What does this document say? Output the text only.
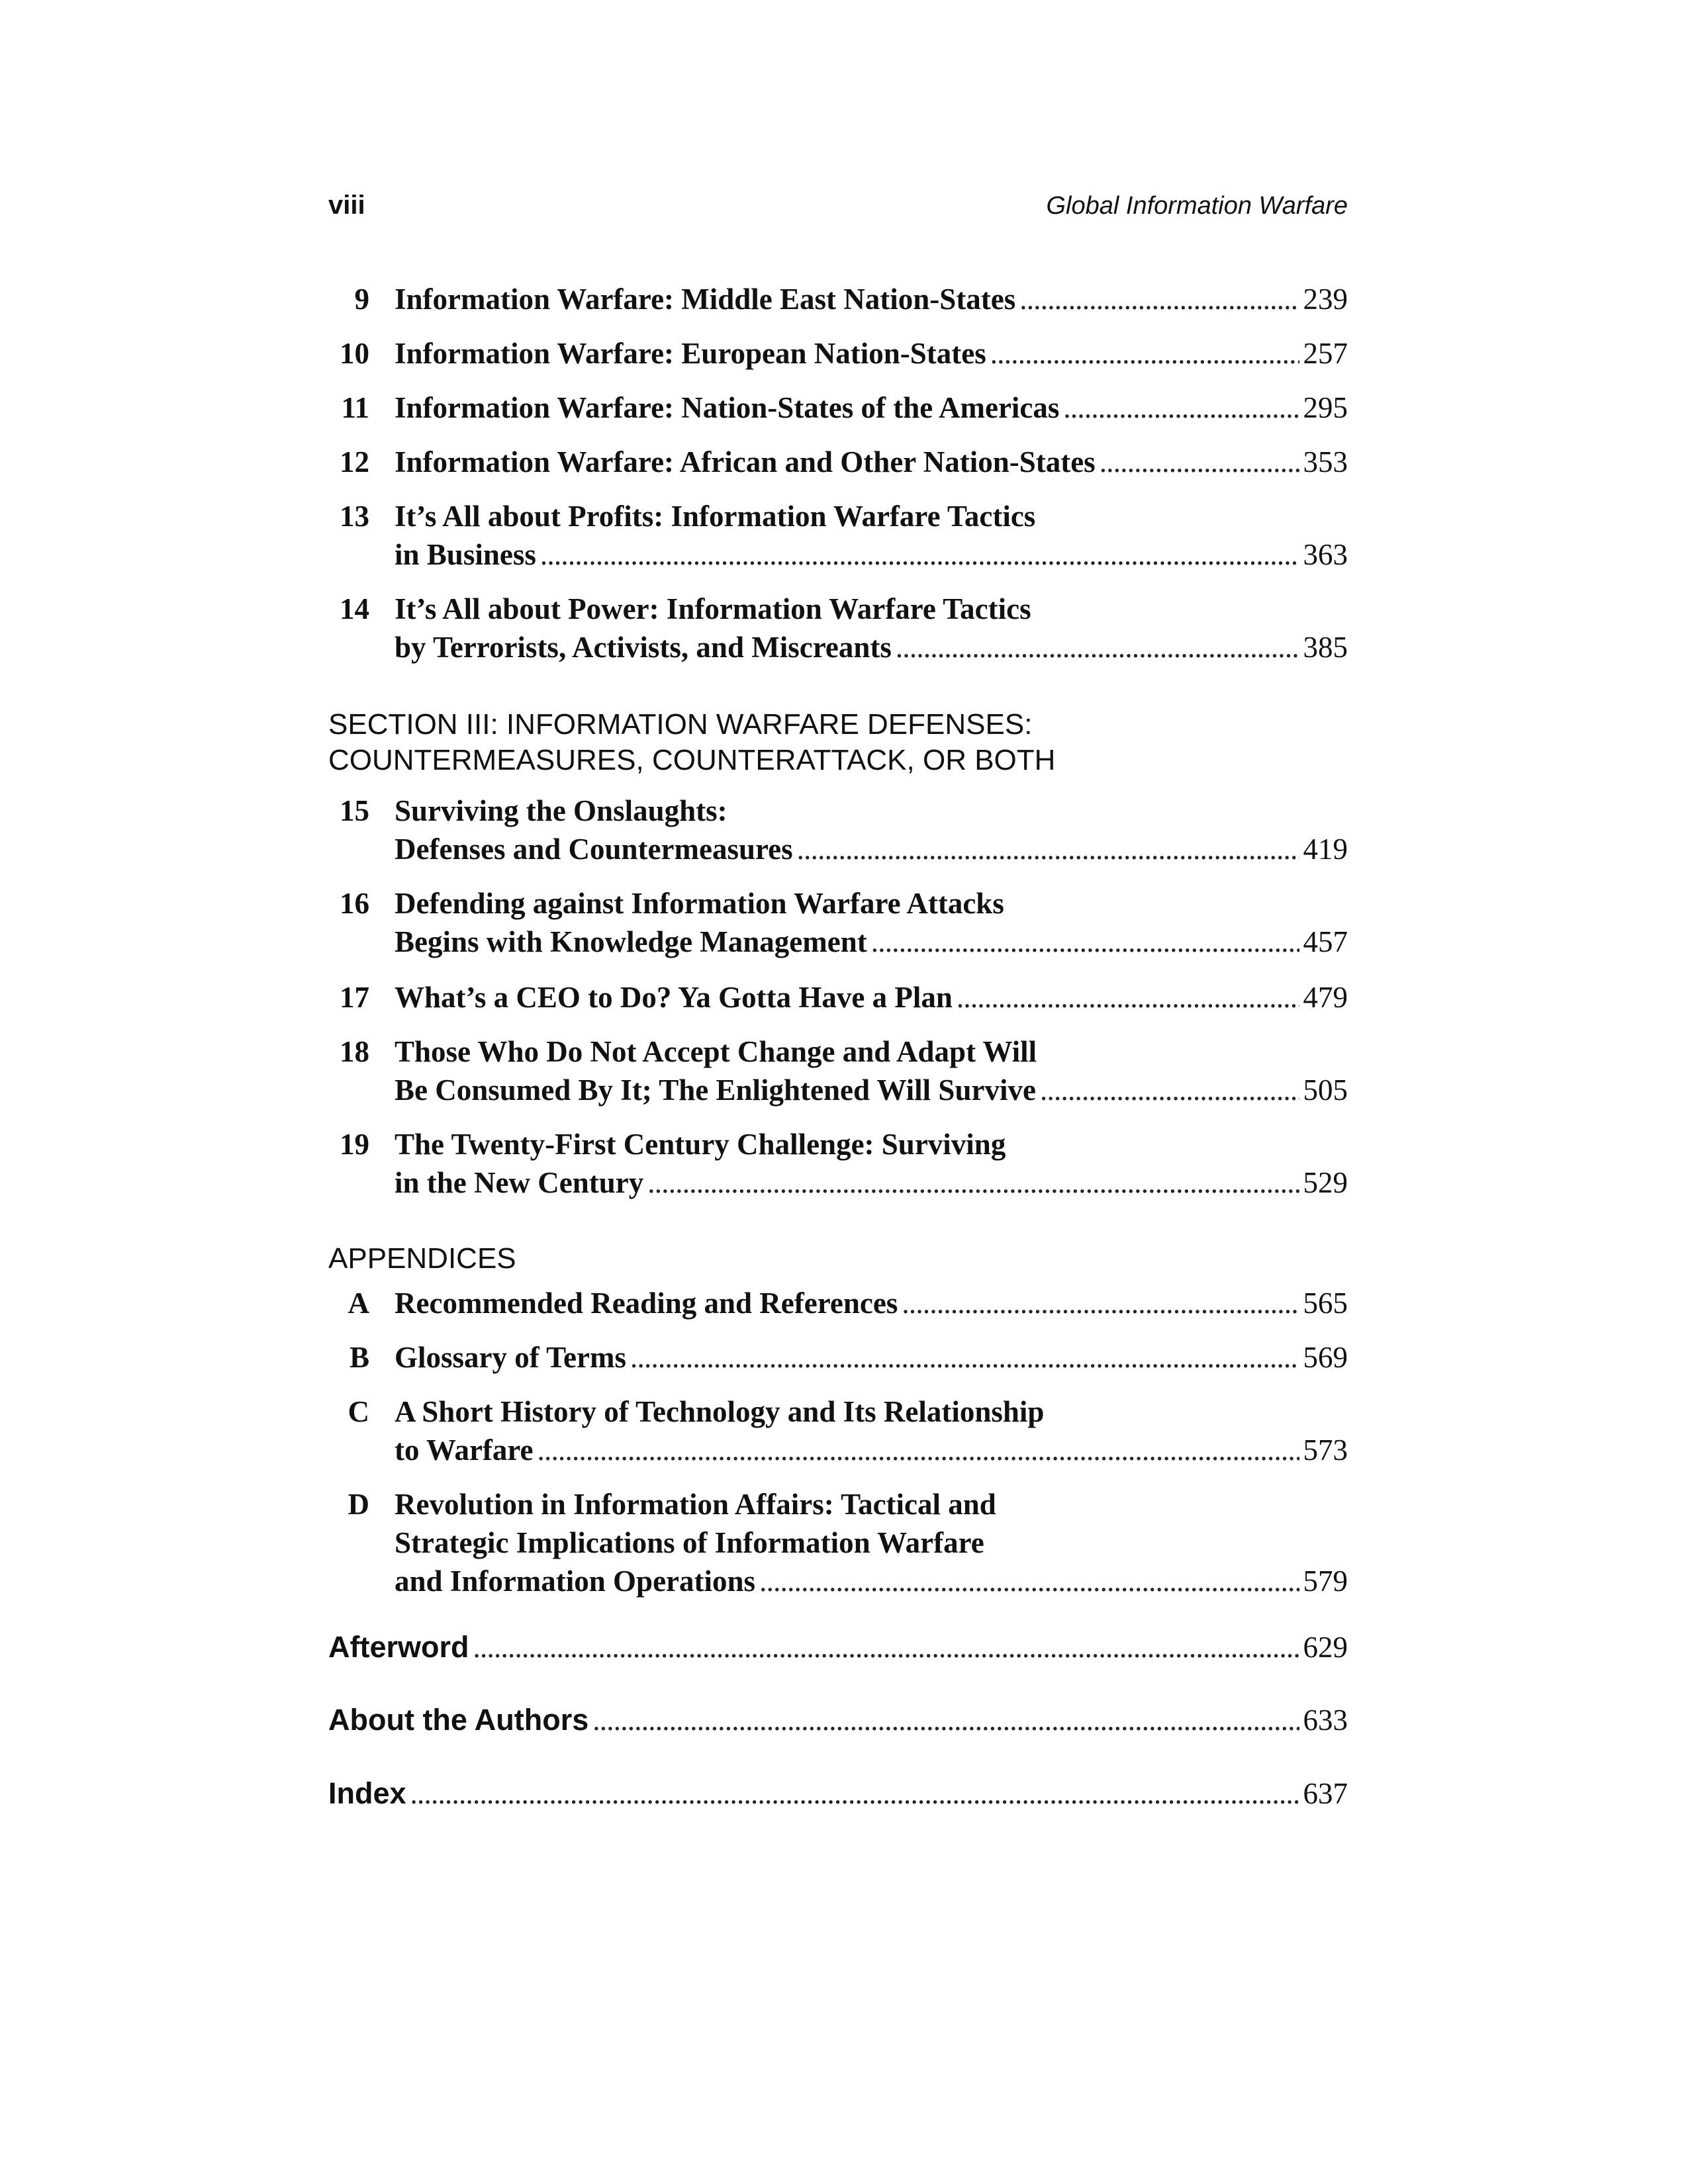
viii	Global Information Warfare
SECTION III: INFORMATION WARFARE DEFENSES:
COUNTERMEASURES, COUNTERATTACK, OR BOTH
APPENDICES
9 Information Warfare: Middle East Nation-States . . .	239
10 Information Warfare: European Nation-States . . .	257
11 Information Warfare: Nation-States of the Americas . . .	295
12 Information Warfare: African and Other Nation-States . . .	353
13 It’s All about Profits: Information Warfare Tactics
in Business . . .	363
14 It’s All about Power: Information Warfare Tactics
by Terrorists, Activists, and Miscreants . . .	385
15 Surviving the Onslaughts:
Defenses and Countermeasures . . .	419
16 Defending against Information Warfare Attacks
Begins with Knowledge Management . . .	457
17 What’s a CEO to Do? Ya Gotta Have a Plan . . .	479
18 Those Who Do Not Accept Change and Adapt Will
Be Consumed By It; The Enlightened Will Survive . . .	505
19 The Twenty-First Century Challenge: Surviving
in the New Century . . .	529
A Recommended Reading and References . . .	565
B Glossary of Terms . . .	569
C A Short History of Technology and Its Relationship
to Warfare . . .	573
D Revolution in Information Affairs: Tactical and
Strategic Implications of Information Warfare
and Information Operations . . .	579
Afterword . . .	629
About the Authors . . .	633
Index . . .	637
